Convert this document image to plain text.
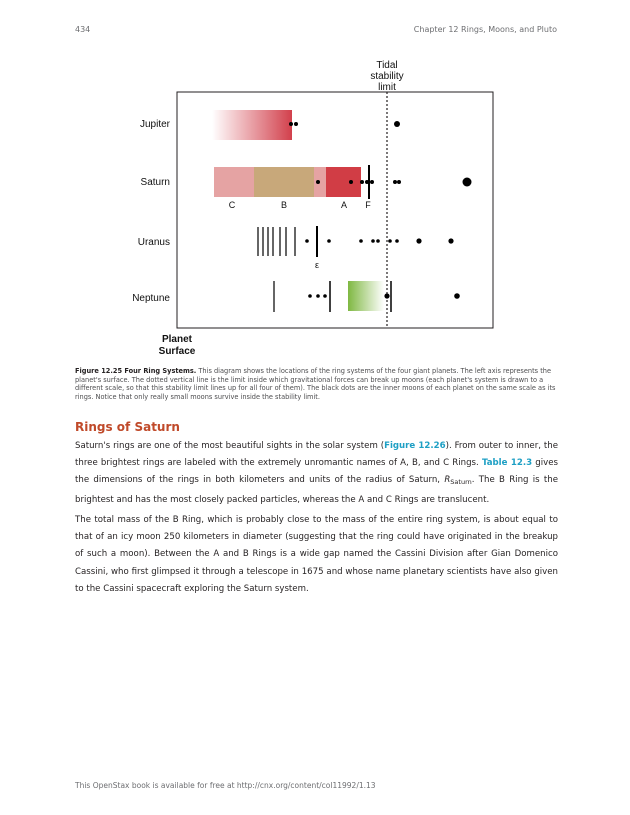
434	Chapter 12 Rings, Moons, and Pluto
Tidal
stability
limit
Jupiter
Saturn
Uranus
Neptune
C	B	A F
ε
Planet
Surface
Figure 12.25 Four Ring Systems. This diagram shows the locations of the ring systems of the four giant planets. The left axis represents the planet's surface. The dotted vertical line is the limit inside which gravitational forces can break up moons (each planet's system is drawn to a different scale, so that this stability limit lines up for all four of them). The black dots are the inner moons of each planet on the same scale as its rings. Notice that only really small moons survive inside the stability limit.
Rings of Saturn
Saturn's rings are one of the most beautiful sights in the solar system (Figure 12.26). From outer to inner, the three brightest rings are labeled with the extremely unromantic names of A, B, and C Rings. Table 12.3 gives the dimensions of the rings in both kilometers and units of the radius of Saturn, $R_{Saturn}$. The B Ring is the brightest and has the most closely packed particles, whereas the A and C Rings are translucent.
The total mass of the B Ring, which is probably close to the mass of the entire ring system, is about equal to that of an icy moon 250 kilometers in diameter (suggesting that the ring could have originated in the breakup of such a moon). Between the A and B Rings is a wide gap named the Cassini Division after Gian Domenico Cassini, who first glimpsed it through a telescope in 1675 and whose name planetary scientists have also given to the Cassini spacecraft exploring the Saturn system.
This OpenStax book is available for free at http://cnx.org/content/col11992/1.13
